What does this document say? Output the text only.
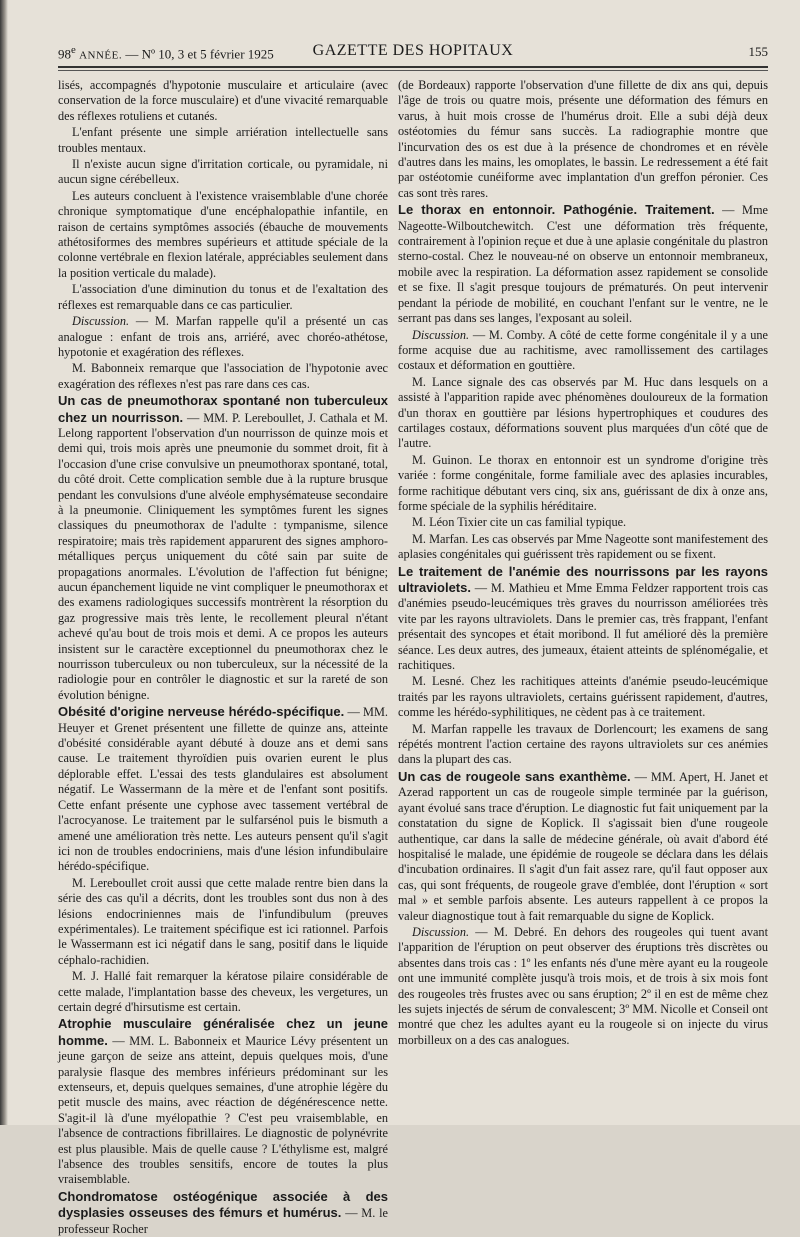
98e ANNÉE. — Nº 10, 3 et 5 février 1925	GAZETTE DES HOPITAUX	155

lisés, accompagnés d'hypotonie musculaire et articulaire (avec conservation de la force musculaire) et d'une vivacité remarquable des réflexes rotuliens et cutanés.

L'enfant présente une simple arriération intellectuelle sans troubles mentaux.

Il n'existe aucun signe d'irritation corticale, ou pyramidale, ni aucun signe cérébelleux.

Les auteurs concluent à l'existence vraisemblable d'une chorée chronique symptomatique d'une encéphalopathie infantile, en raison de certains symptômes associés (ébauche de mouvements athétosiformes des membres supérieurs et attitude spéciale de la colonne vertébrale en flexion latérale, appréciables seulement dans la position verticale du malade).

L'association d'une diminution du tonus et de l'exaltation des réflexes est remarquable dans ce cas particulier.

Discussion. — M. Marfan rappelle qu'il a présenté un cas analogue : enfant de trois ans, arriéré, avec choréo-athétose, hypotonie et exagération des réflexes.

M. Babonneix remarque que l'association de l'hypotonie avec exagération des réflexes n'est pas rare dans ces cas.

Un cas de pneumothorax spontané non tuberculeux chez un nourrisson. — MM. P. Lereboullet, J. Cathala et M. Lelong rapportent l'observation d'un nourrisson de quinze mois et demi qui, trois mois après une pneumonie du sommet droit, fit à l'occasion d'une crise convulsive un pneumothorax spontané, total, du côté droit. Cette complication semble due à la rupture brusque pendant les convulsions d'une alvéole emphysémateuse secondaire à la pneumonie. Cliniquement les symptômes furent les signes classiques du pneumothorax de l'adulte : tympanisme, silence respiratoire; mais très rapidement apparurent des signes amphoro-métalliques perçus uniquement du côté sain par suite de propagations anormales. L'évolution de l'affection fut bénigne; aucun épanchement liquide ne vint compliquer le pneumothorax et des examens radiologiques successifs montrèrent la résorption du gaz progressive mais très lente, le recollement pleural n'étant achevé qu'au bout de trois mois et demi. A ce propos les auteurs insistent sur le caractère exceptionnel du pneumothorax chez le nourrisson tuberculeux ou non tuberculeux, sur la nécessité de la radiologie pour en contrôler le diagnostic et sur la rareté de son évolution bénigne.

Obésité d'origine nerveuse hérédo-spécifique. — MM. Heuyer et Grenet présentent une fillette de quinze ans, atteinte d'obésité considérable ayant débuté à douze ans et demi sans cause. Le traitement thyroïdien puis ovarien eurent le plus déplorable effet. L'essai des tests glandulaires est absolument négatif. Le Wassermann de la mère et de l'enfant sont positifs. Cette enfant présente une cyphose avec tassement vertébral de l'acrocyanose. Le traitement par le sulfarsénol puis le bismuth a amené une amélioration très nette. Les auteurs pensent qu'il s'agit ici non de troubles endocriniens, mais d'une lésion infundibulaire hérédo-spécifique.

M. Lereboullet croit aussi que cette malade rentre bien dans la série des cas qu'il a décrits, dont les troubles sont dus non à des lésions endocriniennes mais de l'infundibulum (preuves expérimentales). Le traitement spécifique est ici rationnel. Parfois le Wassermann est ici négatif dans le sang, positif dans le liquide céphalo-rachidien.

M. J. Hallé fait remarquer la kératose pilaire considérable de cette malade, l'implantation basse des cheveux, les vergetures, un certain degré d'hirsutisme est certain.

Atrophie musculaire généralisée chez un jeune homme. — MM. L. Babonneix et Maurice Lévy présentent un jeune garçon de seize ans atteint, depuis quelques mois, d'une paralysie flasque des membres inférieurs prédominant sur les extenseurs, et, depuis quelques semaines, d'une atrophie légère du petit muscle des mains, avec réaction de dégénérescence nette. S'agit-il là d'une myélopathie ? C'est peu vraisemblable, en l'absence de contractions fibrillaires. Le diagnostic de polynévrite est plus plausible. Mais de quelle cause ? L'éthylisme est, malgré l'absence des troubles sensitifs, encore de toutes la plus vraisemblable.

Chondromatose ostéogénique associée à des dysplasies osseuses des fémurs et humérus. — M. le professeur Rocher

(de Bordeaux) rapporte l'observation d'une fillette de dix ans qui, depuis l'âge de trois ou quatre mois, présente une déformation des fémurs en varus, à huit mois crosse de l'humérus droit. Elle a subi déjà deux ostéotomies du fémur sans succès. La radiographie montre que l'incurvation des os est due à la présence de chondromes et en révèle d'autres dans les mains, les omoplates, le bassin. Le redressement a été fait par ostéotomie cunéiforme avec implantation d'un greffon péronier. Ces cas sont très rares.

Le thorax en entonnoir. Pathogénie. Traitement. — Mme Nageotte-Wilboutchewitch. C'est une déformation très fréquente, contrairement à l'opinion reçue et due à une aplasie congénitale du plastron sterno-costal. Chez le nouveau-né on observe un entonnoir membraneux, mobile avec la respiration. La déformation assez rapidement se consolide et se fixe. Il s'agit presque toujours de prématurés. On peut intervenir pendant la période de mobilité, en couchant l'enfant sur le ventre, ne le serrant pas dans ses langes, l'exposant au soleil.

Discussion. — M. Comby. A côté de cette forme congénitale il y a une forme acquise due au rachitisme, avec ramollissement des cartilages costaux et déformation en gouttière.

M. Lance signale des cas observés par M. Huc dans lesquels on a assisté à l'apparition rapide avec phénomènes douloureux de la formation d'un thorax en gouttière par lésions hypertrophiques et coudures des cartilages costaux, déformations souvent plus marquées d'un côté que de l'autre.

M. Guinon. Le thorax en entonnoir est un syndrome d'origine très variée : forme congénitale, forme familiale avec des aplasies incurables, forme rachitique débutant vers cinq, six ans, guérissant de dix à onze ans, forme spéciale de la syphilis héréditaire.

M. Léon Tixier cite un cas familial typique.

M. Marfan. Les cas observés par Mme Nageotte sont manifestement des aplasies congénitales qui guérissent très rapidement ou se fixent.

Le traitement de l'anémie des nourrissons par les rayons ultraviolets. — M. Mathieu et Mme Emma Feldzer rapportent trois cas d'anémies pseudo-leucémiques très graves du nourrisson améliorées très vite par les rayons ultraviolets. Dans le premier cas, très frappant, l'enfant présentait des syncopes et était moribond. Il fut amélioré dès la première séance. Les deux autres, des jumeaux, étaient atteints de splénomégalie, et rachitiques.

M. Lesné. Chez les rachitiques atteints d'anémie pseudo-leucémique traités par les rayons ultraviolets, certains guérissent rapidement, d'autres, comme les hérédo-syphilitiques, ne cèdent pas à ce traitement.

M. Marfan rappelle les travaux de Dorlencourt; les examens de sang répétés montrent l'action certaine des rayons ultraviolets sur ces anémies dans la plupart des cas.

Un cas de rougeole sans exanthème. — MM. Apert, H. Janet et Azerad rapportent un cas de rougeole simple terminée par la guérison, ayant évolué sans trace d'éruption. Le diagnostic fut fait uniquement par la constatation du signe de Koplick. Il s'agissait bien d'une rougeole authentique, car dans la salle de médecine générale, où avait d'abord été hospitalisé le malade, une épidémie de rougeole se déclara dans les délais d'incubation ordinaires. Il s'agit d'un fait assez rare, qu'il faut opposer aux cas, qui sont fréquents, de rougeole grave d'emblée, dont l'éruption « sort mal » et semble parfois absente. Les auteurs rappellent à ce propos la valeur diagnostique tout à fait remarquable du signe de Koplick.

Discussion. — M. Debré. En dehors des rougeoles qui tuent avant l'apparition de l'éruption on peut observer des éruptions très discrètes ou absentes dans trois cas : 1º les enfants nés d'une mère ayant eu la rougeole ont une immunité complète jusqu'à trois mois, et de trois à six mois font des rougeoles très frustes avec ou sans éruption; 2º il en est de même chez les sujets injectés de sérum de convalescent; 3º MM. Nicolle et Conseil ont montré que chez les adultes ayant eu la rougeole si on injecte du virus morbilleux on a des cas analogues.
